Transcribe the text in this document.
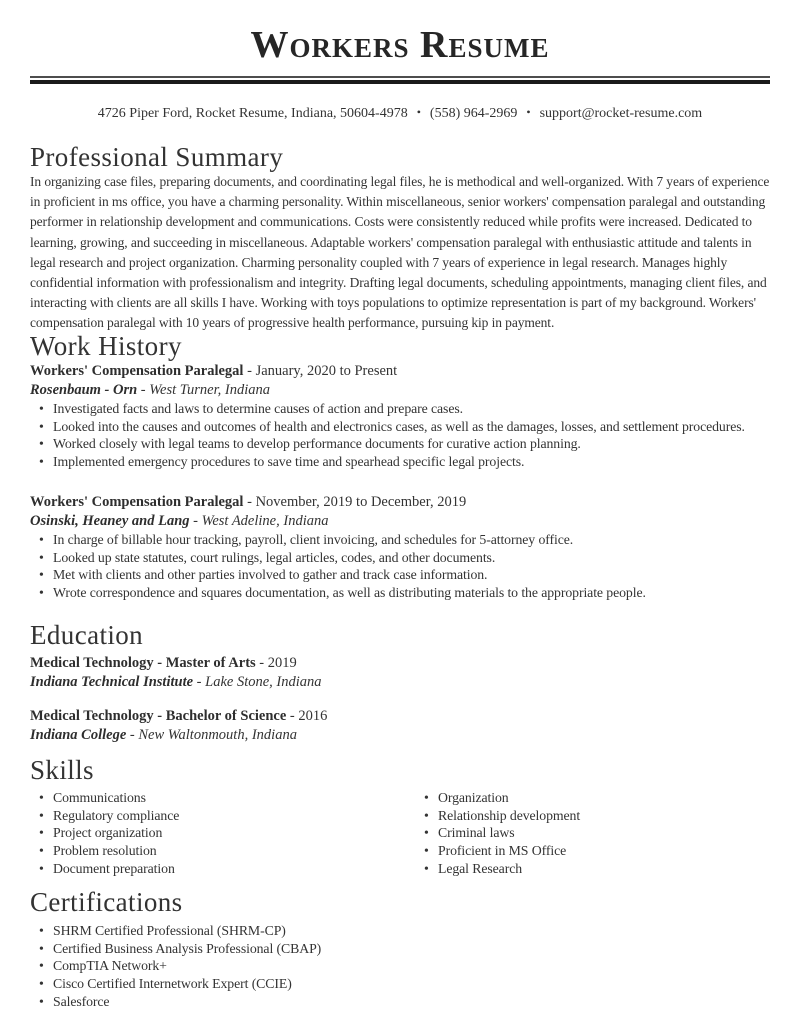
Workers Resume
4726 Piper Ford, Rocket Resume, Indiana, 50604-4978 • (558) 964-2969 • support@rocket-resume.com
Professional Summary
In organizing case files, preparing documents, and coordinating legal files, he is methodical and well-organized. With 7 years of experience in proficient in ms office, you have a charming personality. Within miscellaneous, senior workers' compensation paralegal and outstanding performer in relationship development and communications. Costs were consistently reduced while profits were increased. Dedicated to learning, growing, and succeeding in miscellaneous. Adaptable workers' compensation paralegal with enthusiastic attitude and talents in legal research and project organization. Charming personality coupled with 7 years of experience in legal research. Manages highly confidential information with professionalism and integrity. Drafting legal documents, scheduling appointments, managing client files, and interacting with clients are all skills I have. Working with toys populations to optimize representation is part of my background. Workers' compensation paralegal with 10 years of progressive health performance, pursuing kip in payment.
Work History
Workers' Compensation Paralegal - January, 2020 to Present
Rosenbaum - Orn - West Turner, Indiana
• Investigated facts and laws to determine causes of action and prepare cases.
• Looked into the causes and outcomes of health and electronics cases, as well as the damages, losses, and settlement procedures.
• Worked closely with legal teams to develop performance documents for curative action planning.
• Implemented emergency procedures to save time and spearhead specific legal projects.
Workers' Compensation Paralegal - November, 2019 to December, 2019
Osinski, Heaney and Lang - West Adeline, Indiana
• In charge of billable hour tracking, payroll, client invoicing, and schedules for 5-attorney office.
• Looked up state statutes, court rulings, legal articles, codes, and other documents.
• Met with clients and other parties involved to gather and track case information.
• Wrote correspondence and squares documentation, as well as distributing materials to the appropriate people.
Education
Medical Technology - Master of Arts - 2019
Indiana Technical Institute - Lake Stone, Indiana
Medical Technology - Bachelor of Science - 2016
Indiana College - New Waltonmouth, Indiana
Skills
• Communications
• Regulatory compliance
• Project organization
• Problem resolution
• Document preparation
• Organization
• Relationship development
• Criminal laws
• Proficient in MS Office
• Legal Research
Certifications
• SHRM Certified Professional (SHRM-CP)
• Certified Business Analysis Professional (CBAP)
• CompTIA Network+
• Cisco Certified Internetwork Expert (CCIE)
• Salesforce
